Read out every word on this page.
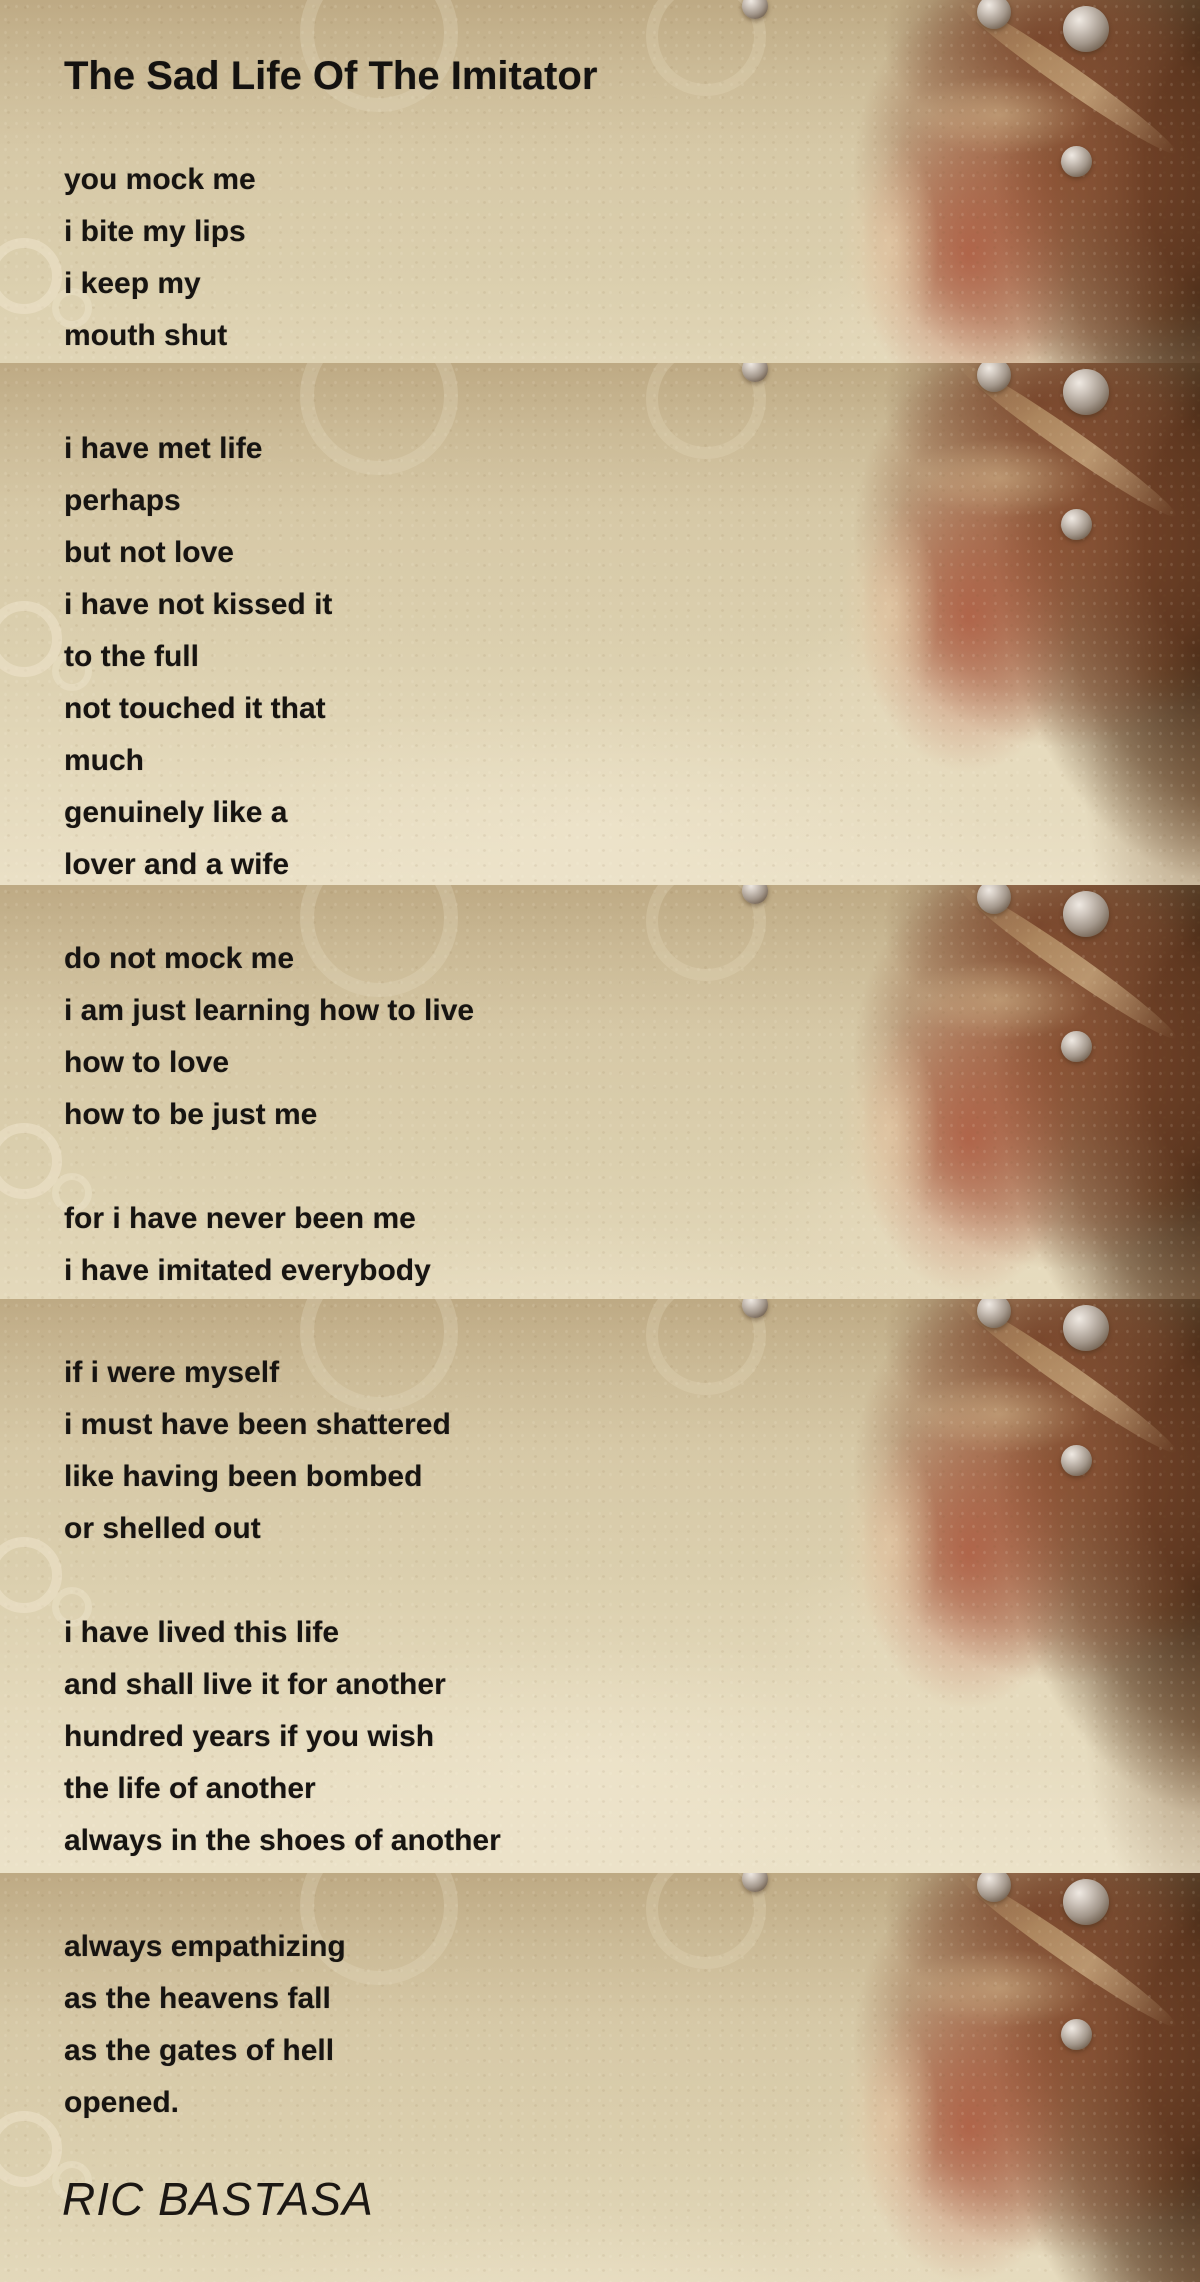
The Sad Life Of The Imitator
you mock me
i bite my lips
i keep my
mouth shut
i have met life
perhaps
but not love
i have not kissed it
to the full
not touched it that
much
genuinely like a
lover and a wife
do not mock me
i am just learning how to live
how to love
how to be just me
for i have never been me
i have imitated everybody
if i were myself
i must have been shattered
like having been bombed
or shelled out
i have lived this life
and shall live it for another
hundred years if you wish
the life of another
always in the shoes of another
always empathizing
as the heavens fall
as the gates of hell
opened.
RIC BASTASA
